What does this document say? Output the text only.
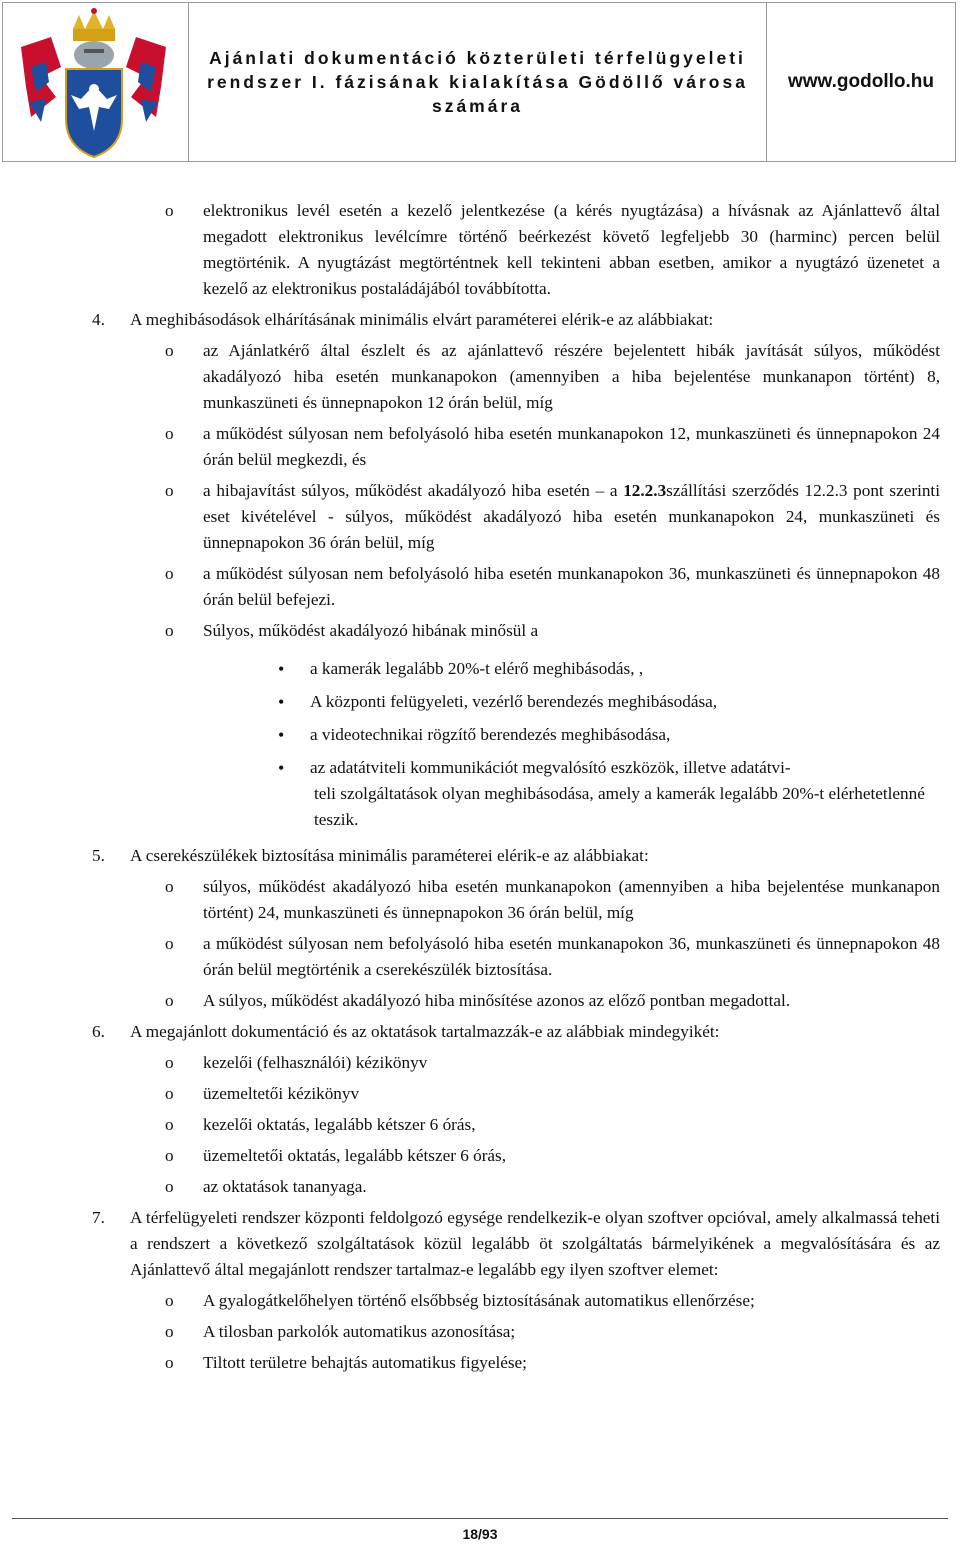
Ajánlati dokumentáció közterületi térfelügyeleti rendszer I. fázisának kialakítása Gödöllő városa számára
www.godollo.hu
o elektronikus levél esetén a kezelő jelentkezése (a kérés nyugtázása) a hívásnak az Ajánlattevő által megadott elektronikus levélcímre történő beérkezést követő legfeljebb 30 (harminc) percen belül megtörténik. A nyugtázást megtörténtnek kell tekinteni abban esetben, amikor a nyugtázó üzenetet a kezelő az elektronikus postaládájából továbbította.
4. A meghibásodások elhárításának minimális elvárt paraméterei elérik-e az alábbiakat:
o az Ajánlatkérő által észlelt és az ajánlattevő részére bejelentett hibák javítását súlyos, működést akadályozó hiba esetén munkanapokon (amennyiben a hiba bejelentése munkanapon történt) 8, munkaszüneti és ünnepnapokon 12 órán belül, míg
o a működést súlyosan nem befolyásoló hiba esetén munkanapokon 12, munkaszüneti és ünnepnapokon 24 órán belül megkezdi, és
o a hibajavítást súlyos, működést akadályozó hiba esetén – a 12.2.3szállítási szerződés 12.2.3 pont szerinti eset kivételével - súlyos, működést akadályozó hiba esetén munkanapokon 24, munkaszüneti és ünnepnapokon 36 órán belül, míg
o a működést súlyosan nem befolyásoló hiba esetén munkanapokon 36, munkaszüneti és ünnepnapokon 48 órán belül befejezi.
o Súlyos, működést akadályozó hibának minősül a
• a kamerák legalább 20%-t elérő meghibásodás, ,
• A központi felügyeleti, vezérlő berendezés meghibásodása,
• a videotechnikai rögzítő berendezés meghibásodása,
• az adatátviteli kommunikációt megvalósító eszközök, illetve adatátvi-
teli szolgáltatások olyan meghibásodása, amely a kamerák legalább 20%-t elérhetetlenné teszik.
5. A cserekészülékek biztosítása minimális paraméterei elérik-e az alábbiakat:
o súlyos, működést akadályozó hiba esetén munkanapokon (amennyiben a hiba bejelentése munkanapon történt) 24, munkaszüneti és ünnepnapokon 36 órán belül, míg
o a működést súlyosan nem befolyásoló hiba esetén munkanapokon 36, munkaszüneti és ünnepnapokon 48 órán belül megtörténik a cserekészülék biztosítása.
o A súlyos, működést akadályozó hiba minősítése azonos az előző pontban megadottal.
6. A megajánlott dokumentáció és az oktatások tartalmazzák-e az alábbiak mindegyikét:
o kezelői (felhasználói) kézikönyv
o üzemeltetői kézikönyv
o kezelői oktatás, legalább kétszer 6 órás,
o üzemeltetői oktatás, legalább kétszer 6 órás,
o az oktatások tananyaga.
7. A térfelügyeleti rendszer központi feldolgozó egysége rendelkezik-e olyan szoftver opcióval, amely alkalmassá teheti a rendszert a következő szolgáltatások közül legalább öt szolgáltatás bármelyikének a megvalósítására és az Ajánlattevő által megajánlott rendszer tartalmaz-e legalább egy ilyen szoftver elemet:
o A gyalogátkelőhelyen történő elsőbbség biztosításának automatikus ellenőrzése;
o A tilosban parkolók automatikus azonosítása;
o Tiltott területre behajtás automatikus figyelése;
18/93
